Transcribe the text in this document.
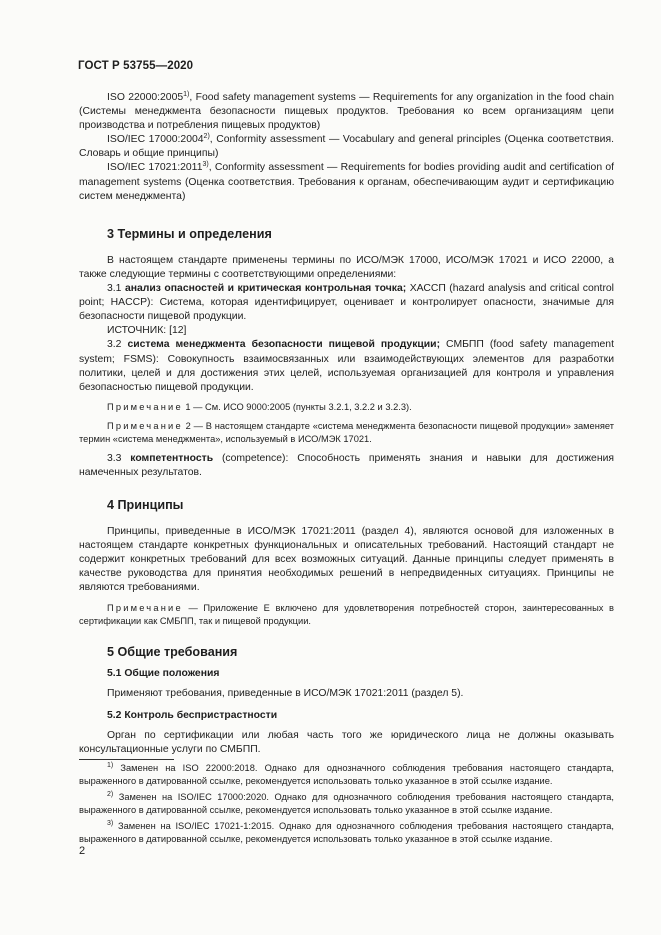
ГОСТ Р 53755—2020

ISO 22000:2005$^{1)}$, Food safety management systems — Requirements for any organization in the food chain (Системы менеджмента безопасности пищевых продуктов. Требования ко всем организациям цепи производства и потребления пищевых продуктов)

ISO/IEC 17000:2004$^{2)}$, Conformity assessment — Vocabulary and general principles (Оценка соответствия. Словарь и общие принципы)

ISO/IEC 17021:2011$^{3)}$, Conformity assessment — Requirements for bodies providing audit and certification of management systems (Оценка соответствия. Требования к органам, обеспечивающим аудит и сертификацию систем менеджмента)

3 Термины и определения

В настоящем стандарте применены термины по ИСО/МЭК 17000, ИСО/МЭК 17021 и ИСО 22000, а также следующие термины с соответствующими определениями:

3.1 анализ опасностей и критическая контрольная точка; ХАССП (hazard analysis and critical control point; HACCP): Система, которая идентифицирует, оценивает и контролирует опасности, значимые для безопасности пищевой продукции.

ИСТОЧНИК: [12]

3.2 система менеджмента безопасности пищевой продукции; СМБПП (food safety management system; FSMS): Совокупность взаимосвязанных или взаимодействующих элементов для разработки политики, целей и для достижения этих целей, используемая организацией для контроля и управления безопасностью пищевой продукции.

Примечание 1 — См. ИСО 9000:2005 (пункты 3.2.1, 3.2.2 и 3.2.3).

Примечание 2 — В настоящем стандарте «система менеджмента безопасности пищевой продукции» заменяет термин «система менеджмента», используемый в ИСО/МЭК 17021.

3.3 компетентность (competence): Способность применять знания и навыки для достижения намеченных результатов.

4 Принципы

Принципы, приведенные в ИСО/МЭК 17021:2011 (раздел 4), являются основой для изложенных в настоящем стандарте конкретных функциональных и описательных требований. Настоящий стандарт не содержит конкретных требований для всех возможных ситуаций. Данные принципы следует применять в качестве руководства для принятия необходимых решений в непредвиденных ситуациях. Принципы не являются требованиями.

Примечание — Приложение Е включено для удовлетворения потребностей сторон, заинтересованных в сертификации как СМБПП, так и пищевой продукции.

5 Общие требования

5.1 Общие положения

Применяют требования, приведенные в ИСО/МЭК 17021:2011 (раздел 5).

5.2 Контроль беспристрастности

Орган по сертификации или любая часть того же юридического лица не должны оказывать консультационные услуги по СМБПП.

$^{1)}$ Заменен на ISO 22000:2018. Однако для однозначного соблюдения требования настоящего стандарта, выраженного в датированной ссылке, рекомендуется использовать только указанное в этой ссылке издание.

$^{2)}$ Заменен на ISO/IEC 17000:2020. Однако для однозначного соблюдения требования настоящего стандарта, выраженного в датированной ссылке, рекомендуется использовать только указанное в этой ссылке издание.

$^{3)}$ Заменен на ISO/IEC 17021-1:2015. Однако для однозначного соблюдения требования настоящего стандарта, выраженного в датированной ссылке, рекомендуется использовать только указанное в этой ссылке издание.

2
